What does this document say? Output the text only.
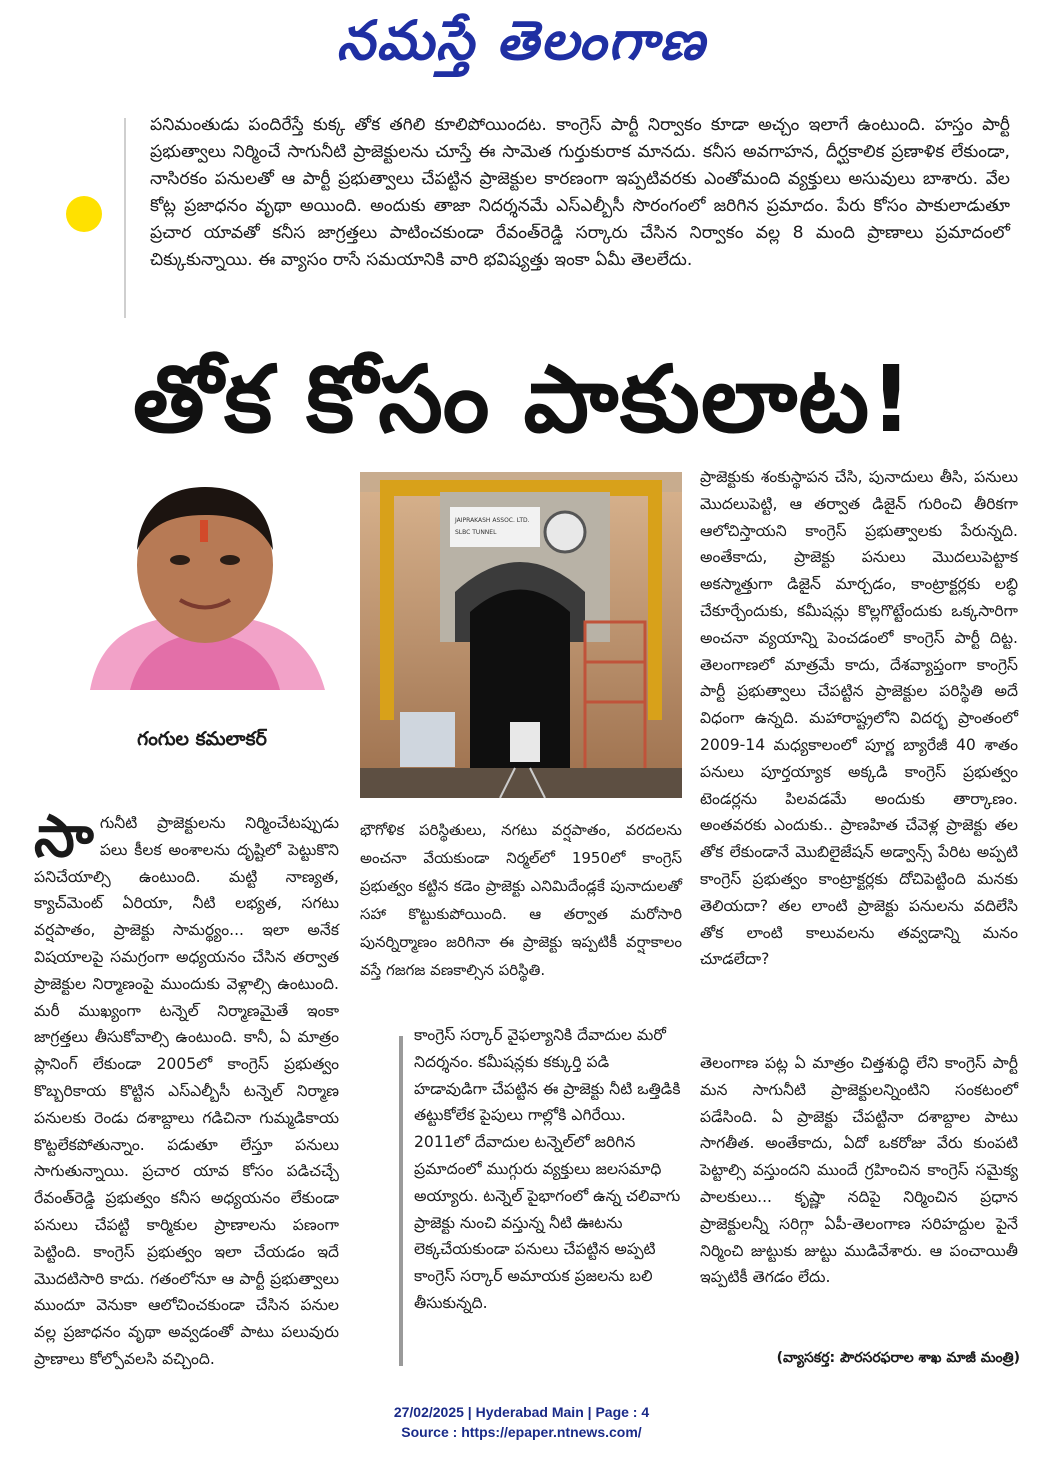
నమస్తే తెలంగాణ

పనిమంతుడు పందిరేస్తే కుక్క తోక తగిలి కూలిపోయిందట. కాంగ్రెస్ పార్టీ నిర్వాకం కూడా అచ్చం ఇలాగే ఉంటుంది. హస్తం పార్టీ ప్రభుత్వాలు నిర్మించే సాగునీటి ప్రాజెక్టులను చూస్తే ఈ సామెత గుర్తుకురాక మానదు. కనీస అవగాహన, దీర్ఘకాలిక ప్రణాళిక లేకుండా, నాసిరకం పనులతో ఆ పార్టీ ప్రభుత్వాలు చేపట్టిన ప్రాజెక్టుల కారణంగా ఇప్పటివరకు ఎంతోమంది వ్యక్తులు అసువులు బాశారు. వేల కోట్ల ప్రజాధనం వృథా అయింది. అందుకు తాజా నిదర్శనమే ఎస్ఎల్బీసీ సొరంగంలో జరిగిన ప్రమాదం. పేరు కోసం పాకులాడుతూ ప్రచార యావతో కనీస జాగ్రత్తలు పాటించకుండా రేవంత్‌రెడ్డి సర్కారు చేసిన నిర్వాకం వల్ల 8 మంది ప్రాణాలు ప్రమాదంలో చిక్కుకున్నాయి. ఈ వ్యాసం రాసే సమయానికి వారి భవిష్యత్తు ఇంకా ఏమీ తెలలేదు.

తోక కోసం పాకులాట!
గంగుల కమలాకర్
JAIPRAKASH ASSOC. LTD.
SLBC TUNNEL
భౌగోళిక పరిస్థితులు, నగటు వర్షపాతం, వరదలను అంచనా వేయకుండా నిర్మల్‌లో 1950లో కాంగ్రెస్ ప్రభుత్వం కట్టిన కడెం ప్రాజెక్టు ఎనిమిదేండ్లకే పునాదులతో సహా కొట్టుకుపోయింది. ఆ తర్వాత మరోసారి పునర్నిర్మాణం జరిగినా ఈ ప్రాజెక్టు ఇప్పటికీ వర్షాకాలం వస్తే గజగజ వణకాల్సిన పరిస్థితి.
సా గునీటి ప్రాజెక్టులను నిర్మించేటప్పుడు పలు కీలక అంశాలను దృష్టిలో పెట్టుకొని పనిచేయాల్సి ఉంటుంది. మట్టి నాణ్యత, క్యాచ్‌మెంట్ ఏరియా, నీటి లభ్యత, సగటు వర్షపాతం, ప్రాజెక్టు సామర్థ్యం... ఇలా అనేక విషయాలపై సమగ్రంగా అధ్యయనం చేసిన తర్వాత ప్రాజెక్టుల నిర్మాణంపై ముందుకు వెళ్లాల్సి ఉంటుంది. మరీ ముఖ్యంగా టన్నెల్ నిర్మాణమైతే ఇంకా జాగ్రత్తలు తీసుకోవాల్సి ఉంటుంది. కానీ, ఏ మాత్రం ప్లానింగ్ లేకుండా 2005లో కాంగ్రెస్ ప్రభుత్వం కొబ్బరికాయ కొట్టిన ఎస్ఎల్బీసీ టన్నెల్ నిర్మాణ పనులకు రెండు దశాబ్దాలు గడిచినా గుమ్మడికాయ కొట్టలేకపోతున్నాం. పడుతూ లేస్తూ పనులు సాగుతున్నాయి. ప్రచార యావ కోసం పడిచచ్చే రేవంత్‌రెడ్డి ప్రభుత్వం కనీస అధ్యయనం లేకుండా పనులు చేపట్టి కార్మికుల ప్రాణాలను పణంగా పెట్టింది. కాంగ్రెస్ ప్రభుత్వం ఇలా చేయడం ఇదే మొదటిసారి కాదు. గతంలోనూ ఆ పార్టీ ప్రభుత్వాలు ముందూ వెనుకా ఆలోచించకుండా చేసిన పనుల వల్ల ప్రజాధనం వృథా అవ్వడంతో పాటు పలువురు ప్రాణాలు కోల్పోవలసి వచ్చింది.

కాంగ్రెస్ సర్కార్ వైఫల్యానికి దేవాదుల మరో నిదర్శనం. కమీషన్లకు కక్కుర్తి పడి హడావుడిగా చేపట్టిన ఈ ప్రాజెక్టు నీటి ఒత్తిడికి తట్టుకోలేక పైపులు గాల్లోకి ఎగిరేయి. 2011లో దేవాదుల టన్నెల్‌లో జరిగిన ప్రమాదంలో ముగ్గురు వ్యక్తులు జలసమాధి అయ్యారు. టన్నెల్ పైభాగంలో ఉన్న చలివాగు ప్రాజెక్టు నుంచి వస్తున్న నీటి ఊటను లెక్కచేయకుండా పనులు చేపట్టిన అప్పటి కాంగ్రెస్ సర్కార్ అమాయక ప్రజలను బలి తీసుకున్నది.

ప్రాజెక్టుకు శంకుస్థాపన చేసి, పునాదులు తీసి, పనులు మొదలుపెట్టి, ఆ తర్వాత డిజైన్ గురించి తీరికగా ఆలోచిస్తాయని కాంగ్రెస్ ప్రభుత్వాలకు పేరున్నది. అంతేకాదు, ప్రాజెక్టు పనులు మొదలుపెట్టాక అకస్మాత్తుగా డిజైన్ మార్చడం, కాంట్రాక్టర్లకు లబ్ధి చేకూర్చేందుకు, కమీషన్లు కొల్లగొట్టేందుకు ఒక్కసారిగా అంచనా వ్యయాన్ని పెంచడంలో కాంగ్రెస్ పార్టీ దిట్ట. తెలంగాణలో మాత్రమే కాదు, దేశవ్యాప్తంగా కాంగ్రెస్ పార్టీ ప్రభుత్వాలు చేపట్టిన ప్రాజెక్టుల పరిస్థితి అదే విధంగా ఉన్నది. మహారాష్ట్రలోని విదర్భ ప్రాంతంలో 2009-14 మధ్యకాలంలో పూర్ణ బ్యారేజీ 40 శాతం పనులు పూర్తయ్యాక అక్కడి కాంగ్రెస్ ప్రభుత్వం టెండర్లను పిలవడమే అందుకు తార్కాణం. అంతవరకు ఎందుకు.. ప్రాణహిత చేవెళ్ల ప్రాజెక్టు తల తోక లేకుండానే మొబిలైజేషన్ అడ్వాన్స్ పేరిట అప్పటి కాంగ్రెస్ ప్రభుత్వం కాంట్రాక్టర్లకు దోచిపెట్టింది మనకు తెలియదా? తల లాంటి ప్రాజెక్టు పనులను వదిలేసి తోక లాంటి కాలువలను తవ్వడాన్ని మనం చూడలేదా?

తెలంగాణ పట్ల ఏ మాత్రం చిత్తశుద్ధి లేని కాంగ్రెస్ పార్టీ మన సాగునీటి ప్రాజెక్టులన్నింటిని సంకటంలో పడేసింది. ఏ ప్రాజెక్టు చేపట్టినా దశాబ్దాల పాటు సాగతీత. అంతేకాదు, ఏదో ఒకరోజు వేరు కుంపటి పెట్టాల్సి వస్తుందని ముందే గ్రహించిన కాంగ్రెస్ సమైక్య పాలకులు... కృష్ణా నదిపై నిర్మించిన ప్రధాన ప్రాజెక్టులన్నీ సరిగ్గా ఏపీ-తెలంగాణ సరిహద్దుల పైనే నిర్మించి జుట్టుకు జుట్టు ముడివేశారు. ఆ పంచాయితీ ఇప్పటికీ తెగడం లేదు.

(వ్యాసకర్త: పౌరసరఫరాల శాఖ మాజీ మంత్రి)
27/02/2025 | Hyderabad Main | Page : 4
Source : https://epaper.ntnews.com/
